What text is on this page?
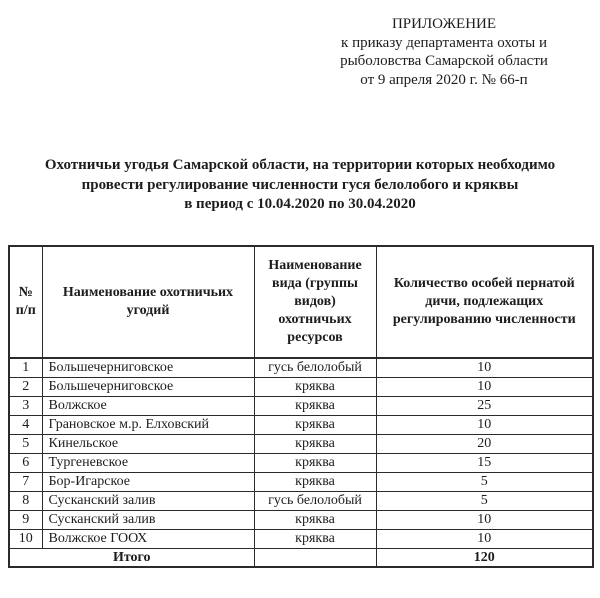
ПРИЛОЖЕНИЕ
к приказу департамента охоты и
рыболовства Самарской области
от 9 апреля 2020 г. № 66-п
Охотничьи угодья Самарской области, на территории которых необходимо
провести регулирование численности гуся белолобого и кряквы
в период с 10.04.2020 по 30.04.2020
№ п/п	Наименование охотничьих угодий	Наименование вида (группы видов) охотничьих ресурсов	Количество особей пернатой дичи, подлежащих регулированию численности
1	Большечерниговское	гусь белолобый	10
2	Большечерниговское	кряква	10
3	Волжское	кряква	25
4	Грановское м.р. Елховский	кряква	10
5	Кинельское	кряква	20
6	Тургеневское	кряква	15
7	Бор-Игарское	кряква	5
8	Сусканский залив	гусь белолобый	5
9	Сусканский залив	кряква	10
10	Волжское ГООХ	кряква	10
Итого			120
